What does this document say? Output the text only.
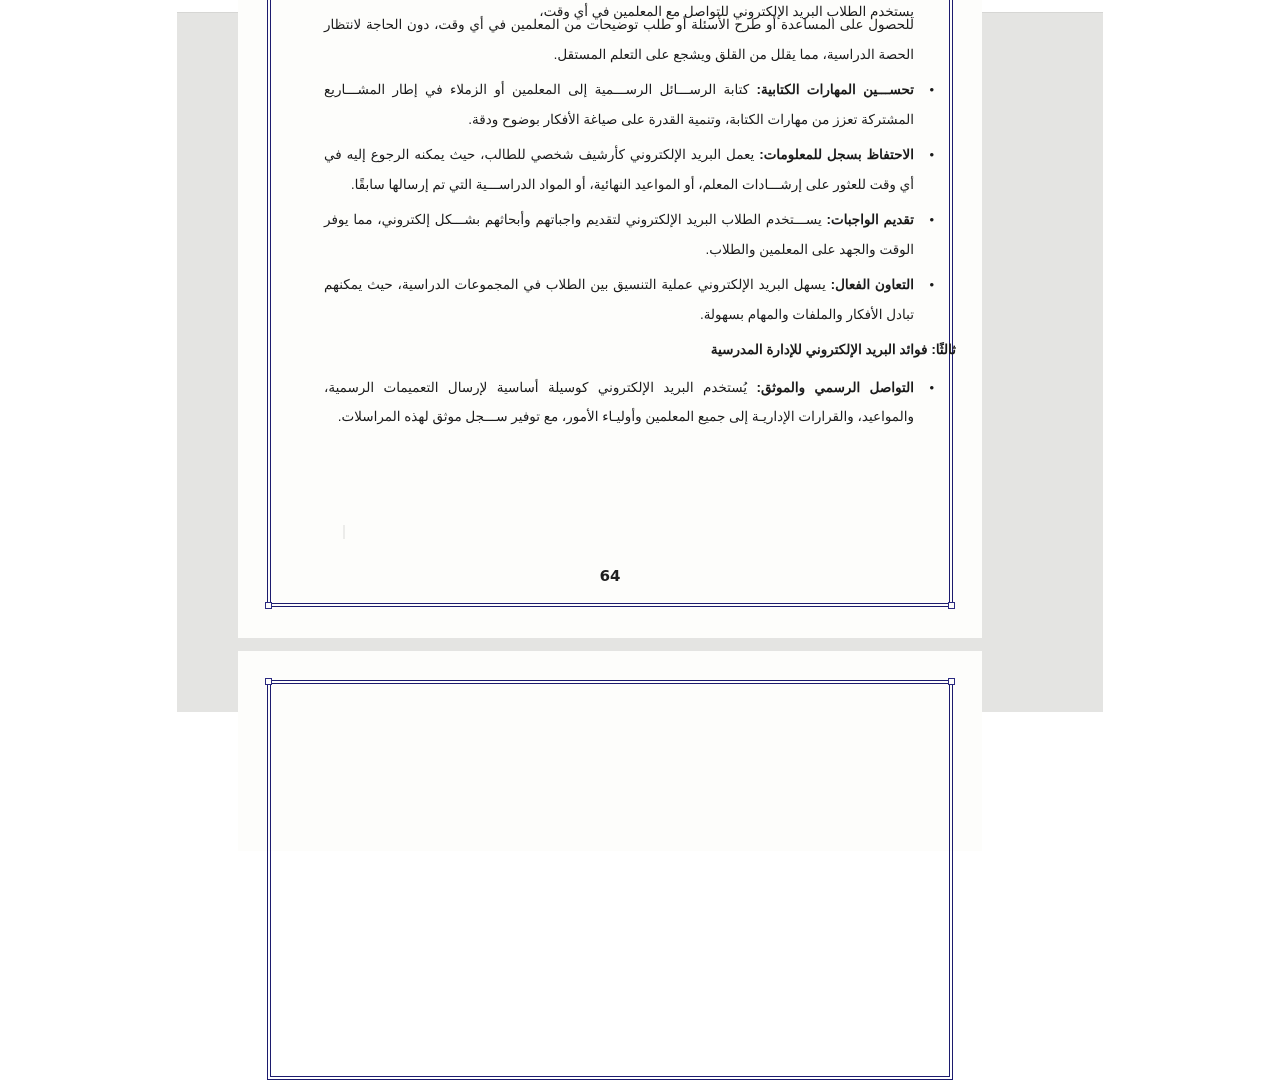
يستخدم الطلاب البريد الإلكتروني للتواصل مع المعلمين في أي وقت،

للحصول على المساعدة أو طرح الأسئلة أو طلب توضيحات من المعلمين في أي وقت، دون الحاجة لانتظار الحصة الدراسية، مما يقلل من القلق ويشجع على التعلم المستقل.

• تحســـين المهارات الكتابية: كتابة الرســـائل الرســـمية إلى المعلمين أو الزملاء في إطار المشـــاريع المشتركة تعزز من مهارات الكتابة، وتنمية القدرة على صياغة الأفكار بوضوح ودقة.
• الاحتفاظ بسجل للمعلومات: يعمل البريد الإلكتروني كأرشيف شخصي للطالب، حيث يمكنه الرجوع إليه في أي وقت للعثور على إرشـــادات المعلم، أو المواعيد النهائية، أو المواد الدراســـية التي تم إرسالها سابقًا.
• تقديم الواجبات: يســـتخدم الطلاب البريد الإلكتروني لتقديم واجباتهم وأبحاثهم بشـــكل إلكتروني، مما يوفر الوقت والجهد على المعلمين والطلاب.
• التعاون الفعال: يسهل البريد الإلكتروني عملية التنسيق بين الطلاب في المجموعات الدراسية، حيث يمكنهم تبادل الأفكار والملفات والمهام بسهولة.

ثالثًا: فوائد البريد الإلكتروني للإدارة المدرسية

• التواصل الرسمي والموثق: يُستخدم البريد الإلكتروني كوسيلة أساسية لإرسال التعميمات الرسمية، والمواعيد، والقرارات الإداريـة إلى جميع المعلمين وأوليـاء الأمور، مع توفير ســـجل موثق لهذه المراسلات.
64
